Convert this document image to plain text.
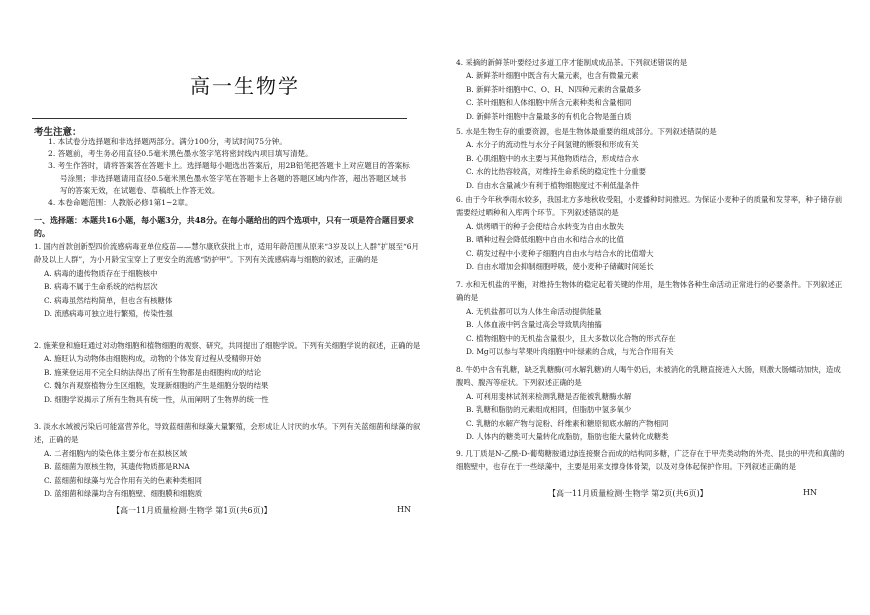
高一生物学
考生注意：
1. 本试卷分选择题和非选择题两部分。满分100分，考试时间75分钟。
2. 答题前，考生务必用直径0.5毫米黑色墨水签字笔将密封线内项目填写清楚。
3. 考生作答时，请将答案答在答题卡上。选择题每小题选出答案后，用2B铅笔把答题卡上对应题目的答案标号涂黑；非选择题请用直径0.5毫米黑色墨水签字笔在答题卡上各题的答题区域内作答，超出答题区域书写的答案无效，在试题卷、草稿纸上作答无效。
4. 本卷命题范围：人教版必修1第1~2章。
一、选择题：本题共16小题，每小题3分，共48分。在每小题给出的四个选项中，只有一项是符合题目要求的。

1. 国内首款创新型四价流感病毒亚单位疫苗——慧尔康欣获批上市，适用年龄范围从原来“3岁及以上人群”扩展至“6月龄及以上人群”，为小月龄宝宝穿上了更安全的流感“防护甲”。下列有关流感病毒与细胞的叙述，正确的是

A. 病毒的遗传物质存在于细胞核中

B. 病毒不属于生命系统的结构层次

C. 病毒虽然结构简单，但也含有核糖体

D. 流感病毒可独立进行繁殖，传染性强

2. 施莱登和施旺通过对动物细胞和植物细胞的观察、研究，共同提出了细胞学说。下列有关细胞学说的叙述，正确的是

A. 施旺认为动物体由细胞构成，动物的个体发育过程从受精卵开始

B. 施莱登运用不完全归纳法得出了所有生物都是由细胞构成的结论

C. 魏尔肖观察植物分生区细胞，发现新细胞的产生是细胞分裂的结果

D. 细胞学说揭示了所有生物具有统一性，从而阐明了生物界的统一性

3. 淡水水域被污染后可能富营养化，导致蓝细菌和绿藻大量繁殖，会形成让人讨厌的水华。下列有关蓝细菌和绿藻的叙述，正确的是

A. 二者细胞内的染色体主要分布在拟核区域

B. 蓝细菌为原核生物，其遗传物质都是RNA

C. 蓝细菌和绿藻与光合作用有关的色素种类相同

D. 蓝细菌和绿藻均含有细胞壁、细胞膜和细胞质

【高一11月质量检测·生物学 第1页(共6页)】	HN

4. 采摘的新鲜茶叶要经过多道工序才能制成成品茶。下列叙述错误的是

A. 新鲜茶叶细胞中既含有大量元素，也含有微量元素

B. 新鲜茶叶细胞中C、O、H、N四种元素的含量最多

C. 茶叶细胞和人体细胞中所含元素种类和含量相同

D. 新鲜茶叶细胞中含量最多的有机化合物是蛋白质

5. 水是生物生存的重要资源，也是生物体最重要的组成部分。下列叙述错误的是

A. 水分子的流动性与水分子间氢键的断裂和形成有关

B. 心肌细胞中的水主要与其他物质结合，形成结合水

C. 水的比热容较高，对维持生命系统的稳定性十分重要

D. 自由水含量减少有利于植物细胞度过不利低温条件

6. 由于今年秋季雨水较多，我国北方多地秋收受阻，小麦播种时间推迟。为保证小麦种子的质量和发芽率，种子储存前需要经过晒种和入库两个环节。下列叙述错误的是

A. 烘烤晒干的种子会使结合水转变为自由水散失

B. 晒种过程会降低细胞中自由水和结合水的比值

C. 萌发过程中小麦种子细胞内自由水与结合水的比值增大

D. 自由水增加会抑制细胞呼吸，使小麦种子储藏时间延长

7. 水和无机盐的平衡，对维持生物体的稳定起着关键的作用，是生物体各种生命活动正常进行的必要条件。下列叙述正确的是

A. 无机盐都可以为人体生命活动提供能量

B. 人体血液中钙含量过高会导致肌肉抽搐

C. 植物细胞中的无机盐含量很少，且大多数以化合物的形式存在

D. Mg可以参与苹果叶肉细胞中叶绿素的合成，与光合作用有关

8. 牛奶中含有乳糖，缺乏乳糖酶(可水解乳糖)的人喝牛奶后，未被消化的乳糖直接进入大肠，则激大肠蠕动加快，造成腹鸣、腹泻等症状。下列叙述正确的是

A. 可利用斐林试剂来检测乳糖是否能被乳糖酶水解

B. 乳糖和脂肪的元素组成相同，但脂肪中氢多氧少

C. 乳糖的水解产物与淀粉、纤维素和糖原彻底水解的产物相同

D. 人体内的糖类可大量转化成脂肪，脂肪也能大量转化成糖类

9. 几丁质是N-乙酰-D-葡萄糖胺通过β连接聚合而成的结构同多糖，广泛存在于甲壳类动物的外壳、昆虫的甲壳和真菌的细胞壁中，也存在于一些绿藻中，主要是用来支撑身体骨架，以及对身体起保护作用。下列叙述正确的是

【高一11月质量检测·生物学 第2页(共6页)】	HN
